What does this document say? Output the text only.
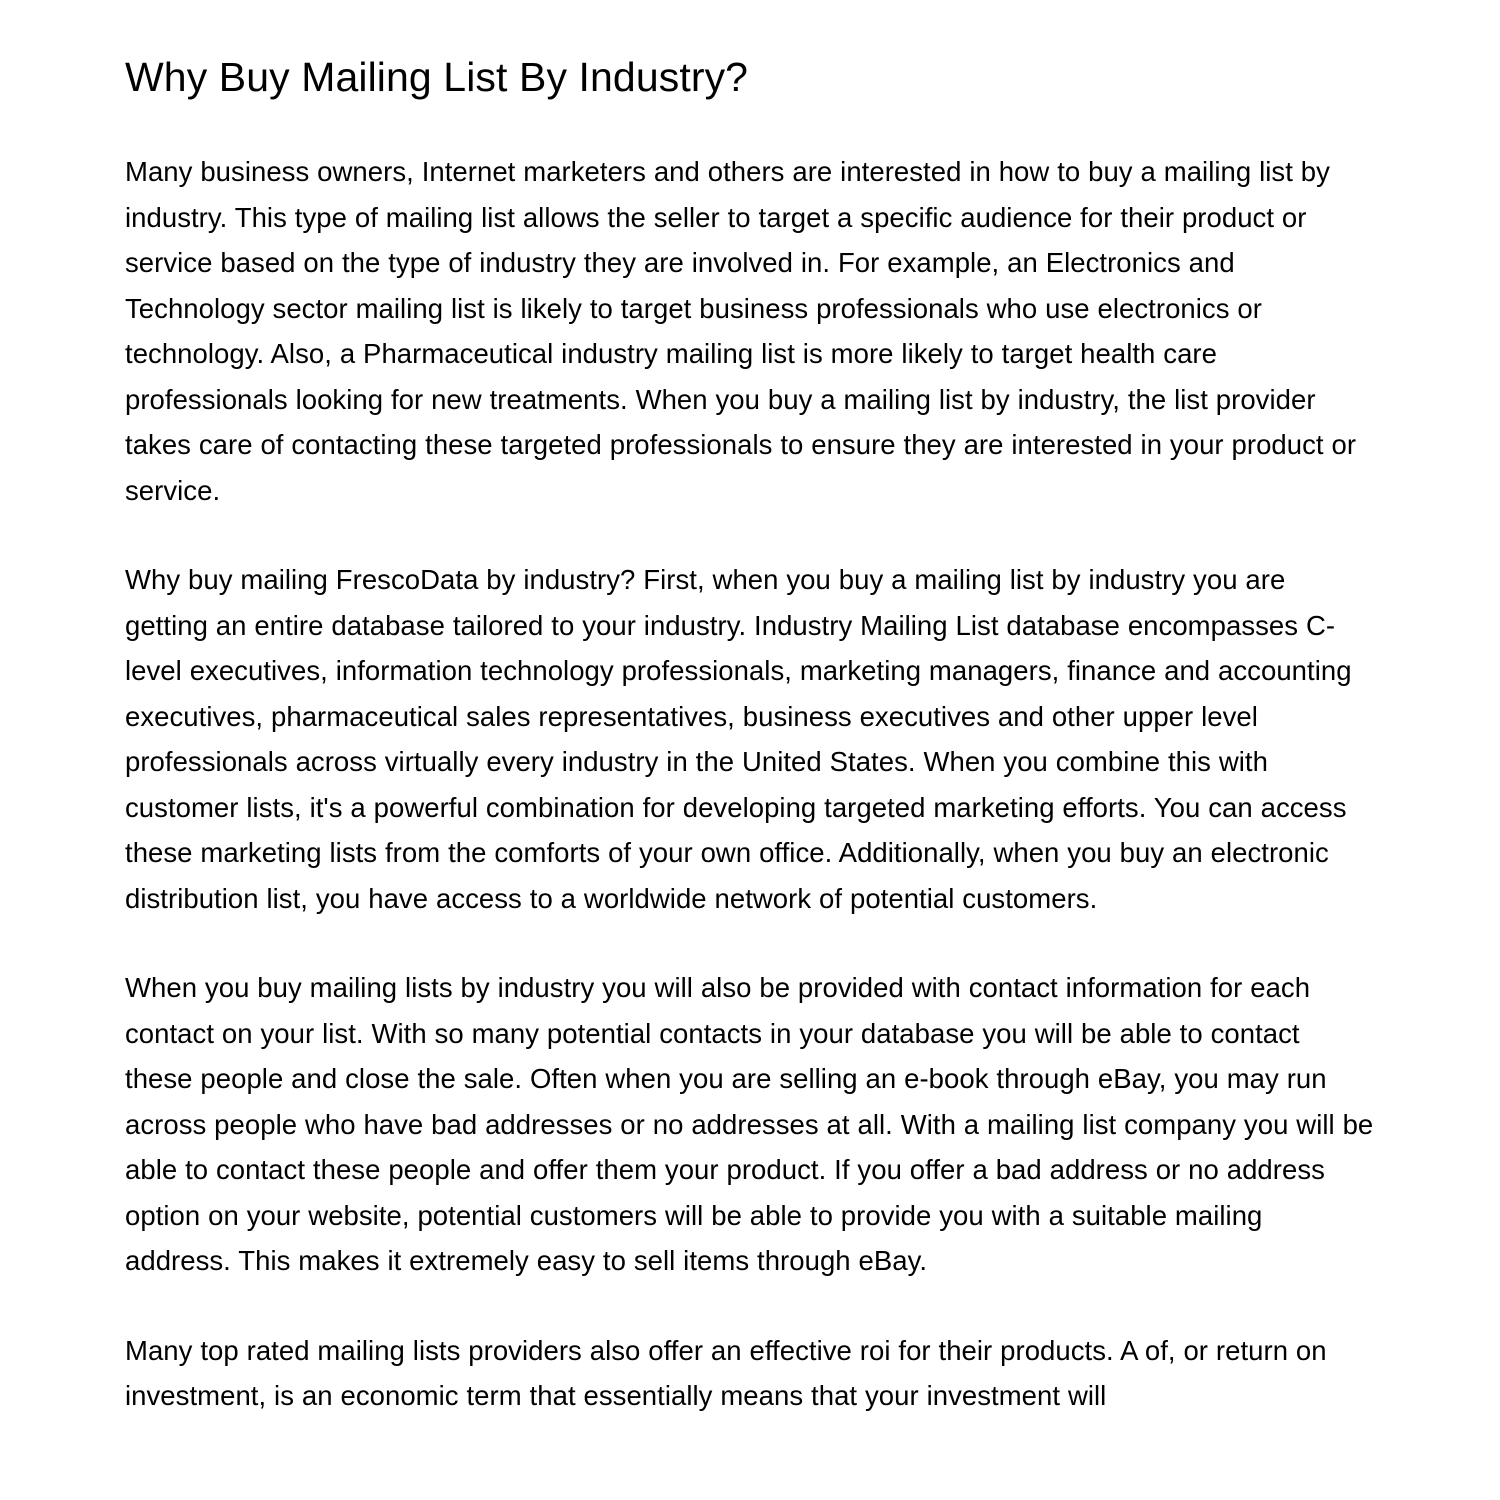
Why Buy Mailing List By Industry?

Many business owners, Internet marketers and others are interested in how to buy a mailing list by industry. This type of mailing list allows the seller to target a specific audience for their product or service based on the type of industry they are involved in. For example, an Electronics and Technology sector mailing list is likely to target business professionals who use electronics or technology. Also, a Pharmaceutical industry mailing list is more likely to target health care professionals looking for new treatments. When you buy a mailing list by industry, the list provider takes care of contacting these targeted professionals to ensure they are interested in your product or service.

Why buy mailing FrescoData by industry? First, when you buy a mailing list by industry you are getting an entire database tailored to your industry. Industry Mailing List database encompasses C-level executives, information technology professionals, marketing managers, finance and accounting executives, pharmaceutical sales representatives, business executives and other upper level professionals across virtually every industry in the United States. When you combine this with customer lists, it's a powerful combination for developing targeted marketing efforts. You can access these marketing lists from the comforts of your own office. Additionally, when you buy an electronic distribution list, you have access to a worldwide network of potential customers.

When you buy mailing lists by industry you will also be provided with contact information for each contact on your list. With so many potential contacts in your database you will be able to contact these people and close the sale. Often when you are selling an e-book through eBay, you may run across people who have bad addresses or no addresses at all. With a mailing list company you will be able to contact these people and offer them your product. If you offer a bad address or no address option on your website, potential customers will be able to provide you with a suitable mailing address. This makes it extremely easy to sell items through eBay.

Many top rated mailing lists providers also offer an effective roi for their products. A of, or return on investment, is an economic term that essentially means that your investment will
